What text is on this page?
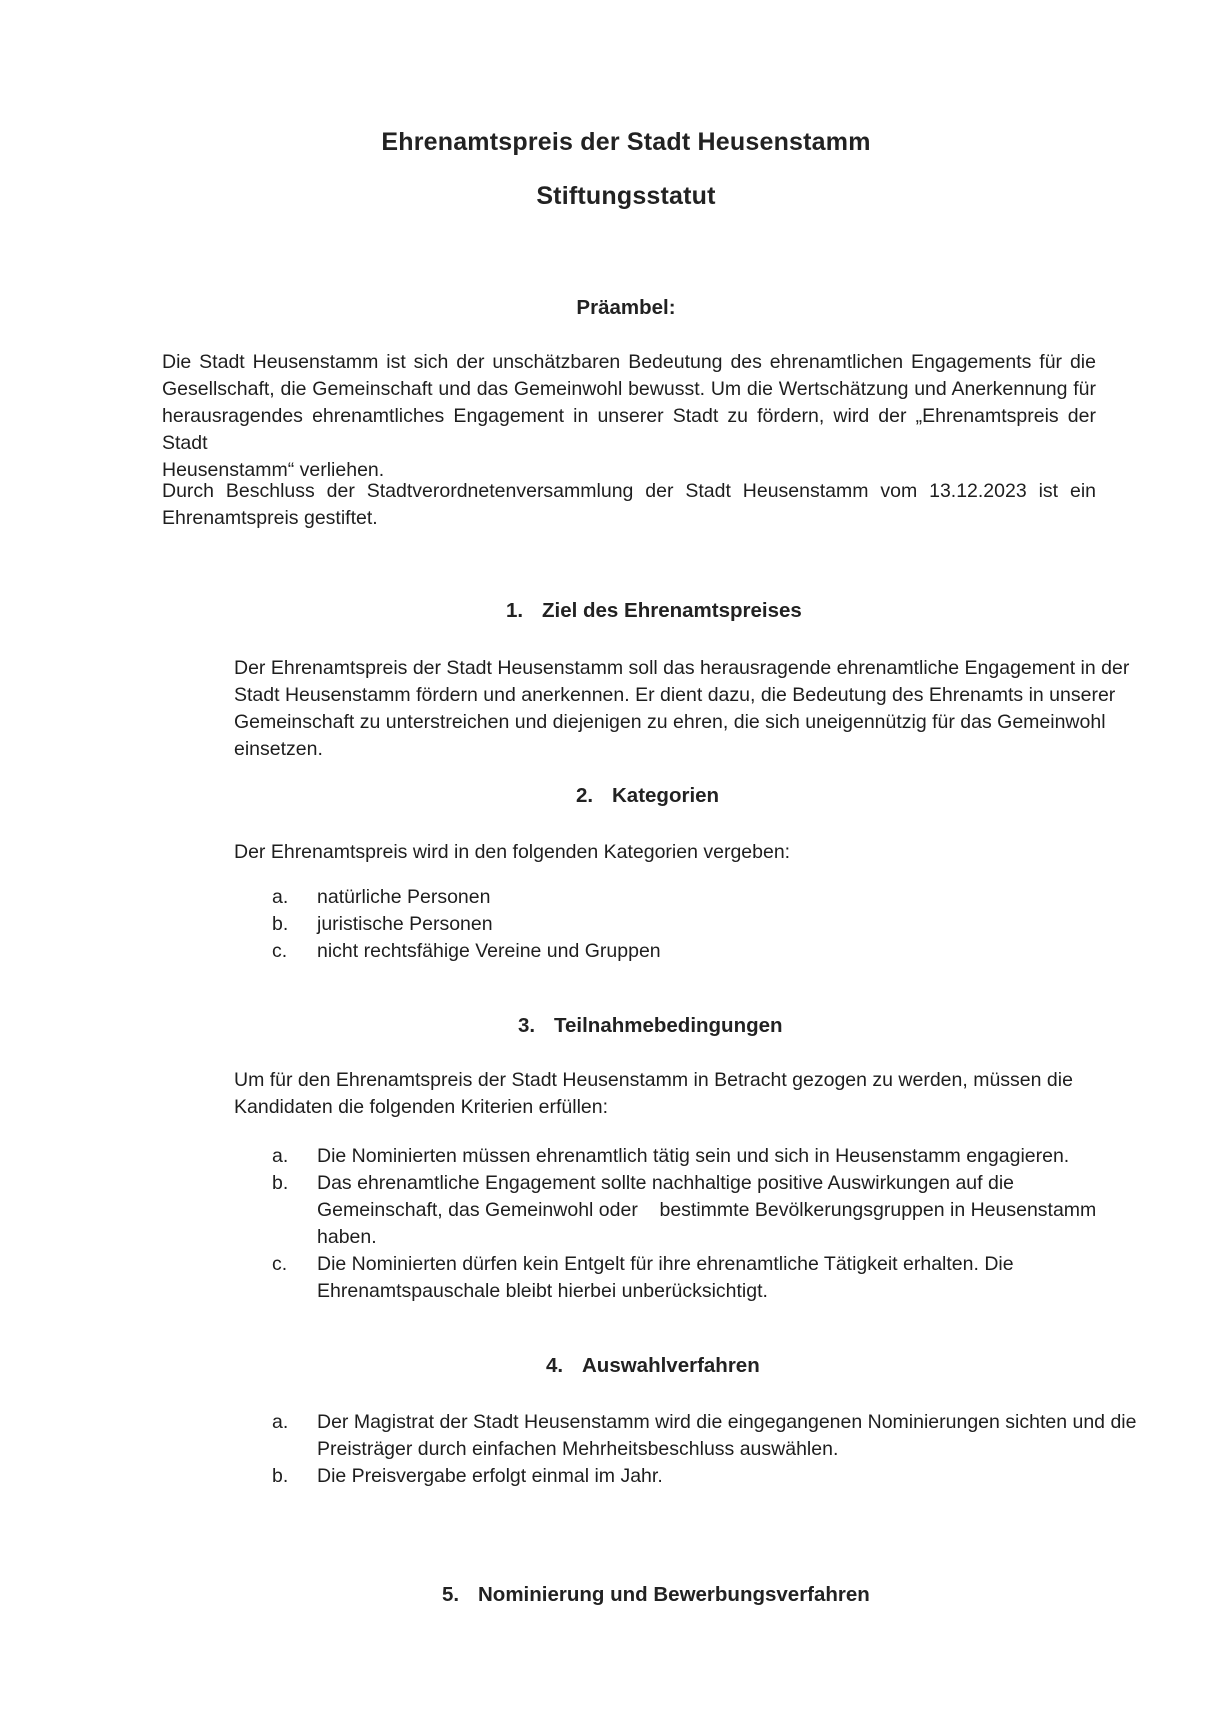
Ehrenamtspreis der Stadt Heusenstamm
Stiftungsstatut
Präambel:
Die Stadt Heusenstamm ist sich der unschätzbaren Bedeutung des ehrenamtlichen Engagements für die
Gesellschaft, die Gemeinschaft und das Gemeinwohl bewusst. Um die Wertschätzung und Anerkennung für
herausragendes ehrenamtliches Engagement in unserer Stadt zu fördern, wird der „Ehrenamtspreis der Stadt
Heusenstamm“ verliehen.
Durch Beschluss der Stadtverordnetenversammlung der Stadt Heusenstamm vom 13.12.2023 ist ein
Ehrenamtspreis gestiftet.
1. Ziel des Ehrenamtspreises
Der Ehrenamtspreis der Stadt Heusenstamm soll das herausragende ehrenamtliche Engagement in der
Stadt Heusenstamm fördern und anerkennen. Er dient dazu, die Bedeutung des Ehrenamts in unserer
Gemeinschaft zu unterstreichen und diejenigen zu ehren, die sich uneigennützig für das Gemeinwohl
einsetzen.
2. Kategorien
Der Ehrenamtspreis wird in den folgenden Kategorien vergeben:
a. natürliche Personen
b. juristische Personen
c. nicht rechtsfähige Vereine und Gruppen
3. Teilnahmebedingungen
Um für den Ehrenamtspreis der Stadt Heusenstamm in Betracht gezogen zu werden, müssen die
Kandidaten die folgenden Kriterien erfüllen:
a. Die Nominierten müssen ehrenamtlich tätig sein und sich in Heusenstamm engagieren.
b. Das ehrenamtliche Engagement sollte nachhaltige positive Auswirkungen auf die
Gemeinschaft, das Gemeinwohl oder    bestimmte Bevölkerungsgruppen in Heusenstamm
haben.
c. Die Nominierten dürfen kein Entgelt für ihre ehrenamtliche Tätigkeit erhalten. Die
Ehrenamtspauschale bleibt hierbei unberücksichtigt.
4. Auswahlverfahren
a. Der Magistrat der Stadt Heusenstamm wird die eingegangenen Nominierungen sichten und die
Preisträger durch einfachen Mehrheitsbeschluss auswählen.
b. Die Preisvergabe erfolgt einmal im Jahr.
5. Nominierung und Bewerbungsverfahren
